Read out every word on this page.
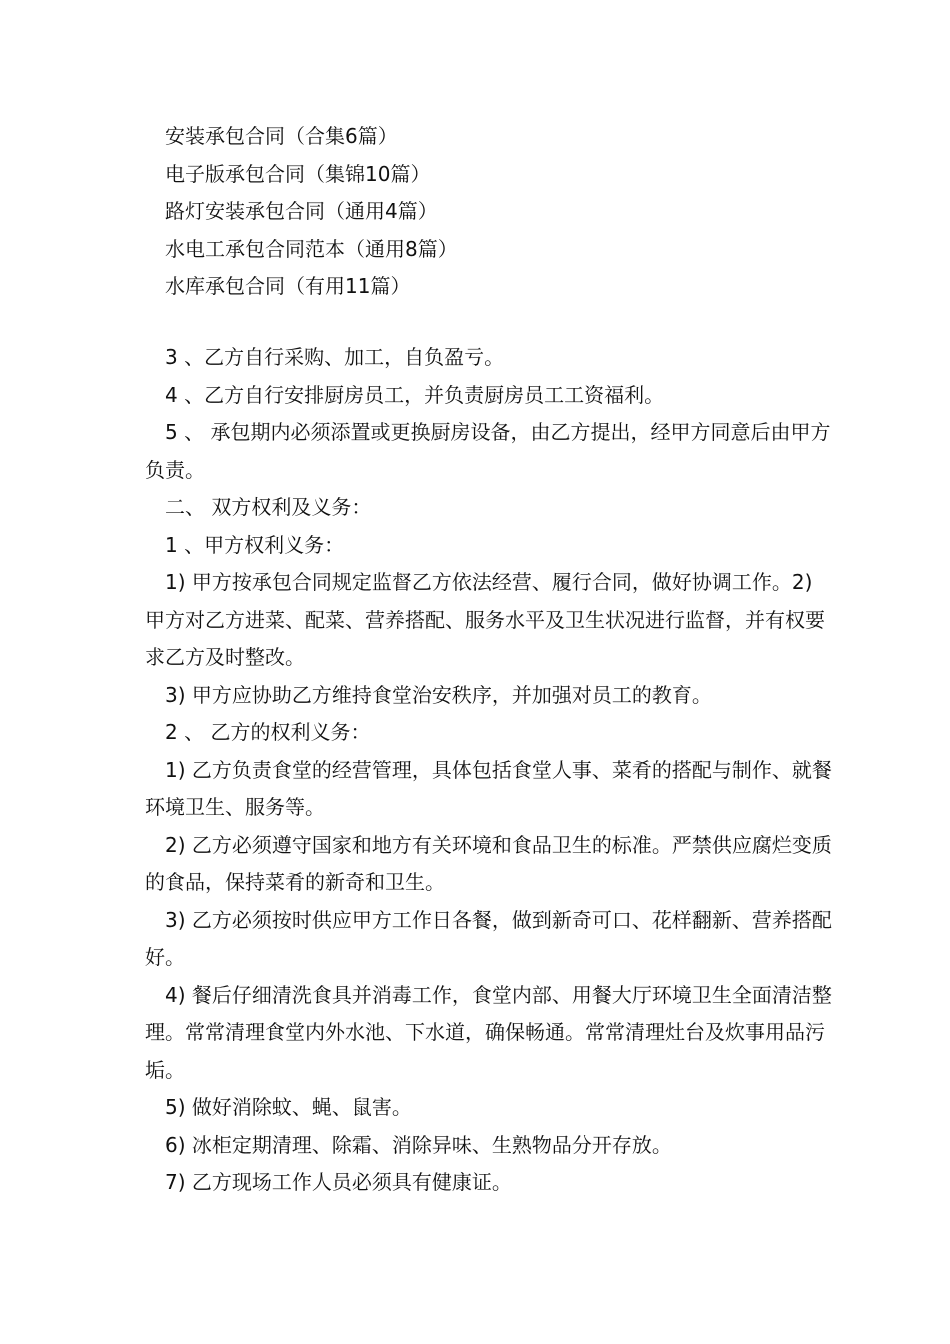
安装承包合同（合集6篇）
电子版承包合同（集锦10篇）
路灯安装承包合同（通用4篇）
水电工承包合同范本（通用8篇）
水库承包合同（有用11篇）

3 、乙方自行采购、加工，自负盈亏。

4 、乙方自行安排厨房员工，并负责厨房员工工资福利。

5 、 承包期内必须添置或更换厨房设备，由乙方提出，经甲方同意后由甲方负责。

二、 双方权利及义务：

1 、甲方权利义务：

1) 甲方按承包合同规定监督乙方依法经营、履行合同，做好协调工作。2) 甲方对乙方进菜、配菜、营养搭配、服务水平及卫生状况进行监督，并有权要求乙方及时整改。

3) 甲方应协助乙方维持食堂治安秩序，并加强对员工的教育。

2 、 乙方的权利义务：

1) 乙方负责食堂的经营管理，具体包括食堂人事、菜肴的搭配与制作、就餐环境卫生、服务等。

2) 乙方必须遵守国家和地方有关环境和食品卫生的标准。严禁供应腐烂变质的食品，保持菜肴的新奇和卫生。

3) 乙方必须按时供应甲方工作日各餐，做到新奇可口、花样翻新、营养搭配好。

4) 餐后仔细清洗食具并消毒工作，食堂内部、用餐大厅环境卫生全面清洁整理。常常清理食堂内外水池、下水道，确保畅通。常常清理灶台及炊事用品污垢。

5) 做好消除蚊、蝇、鼠害。

6) 冰柜定期清理、除霜、消除异味、生熟物品分开存放。

7) 乙方现场工作人员必须具有健康证。
